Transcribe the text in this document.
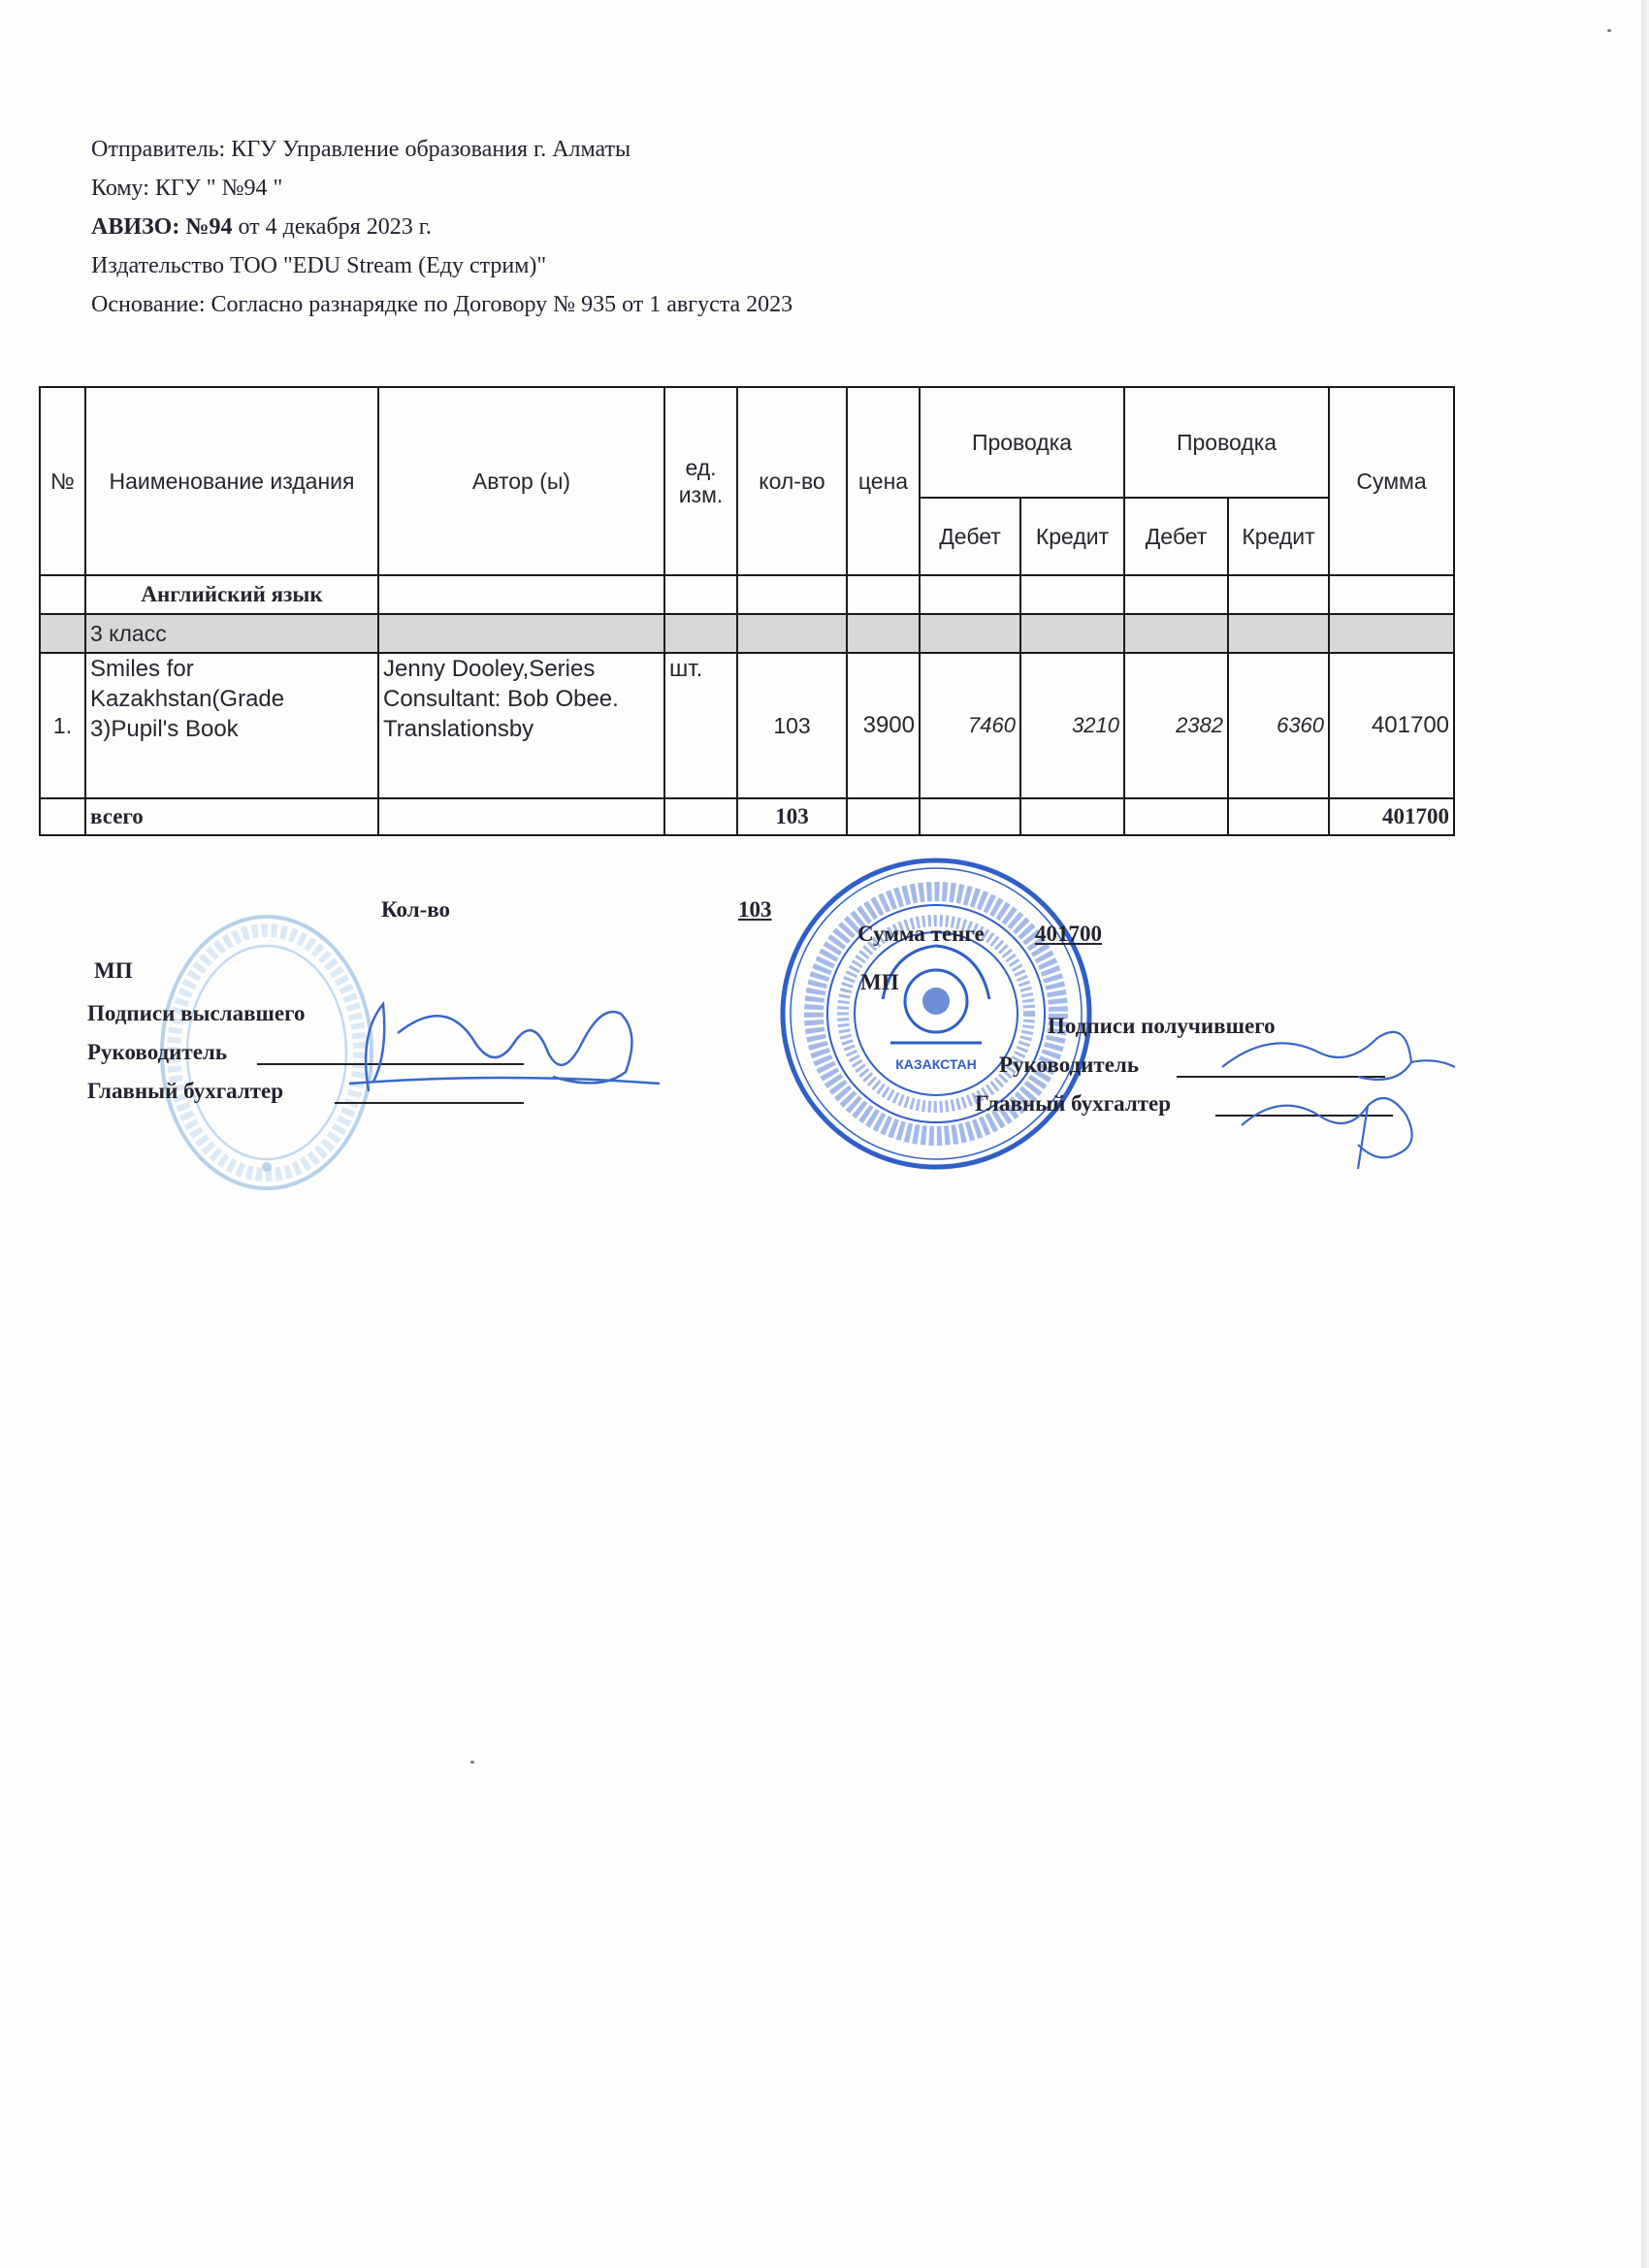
Отправитель: КГУ Управление образования г. Алматы
Кому: КГУ " №94 "
АВИЗО: №94 от 4 декабря 2023 г.
Издательство ТОО "EDU Stream (Еду стрим)"
Основание: Согласно разнарядке по Договору № 935 от 1 августа 2023
№	Наименование издания	Автор (ы)	ед. изм.	кол-во	цена	Проводка		Проводка		Сумма
						Дебет	Кредит	Дебет	Кредит	
	Английский язык									
	3 класс									
1.	Smiles for Kazakhstan(Grade 3)Pupil's Book	Jenny Dooley,Series Consultant: Bob Obee. Translationsby	шт.	103	3900	7460	3210	2382	6360	401700
	всего			103						401700
КАЗАКСТАН
Кол-во	103
Сумма тенге 401700
МП	МП
Подписи выславшего
Руководитель
Главный бухгалтер
Подписи получившего
Руководитель
Главный бухгалтер
